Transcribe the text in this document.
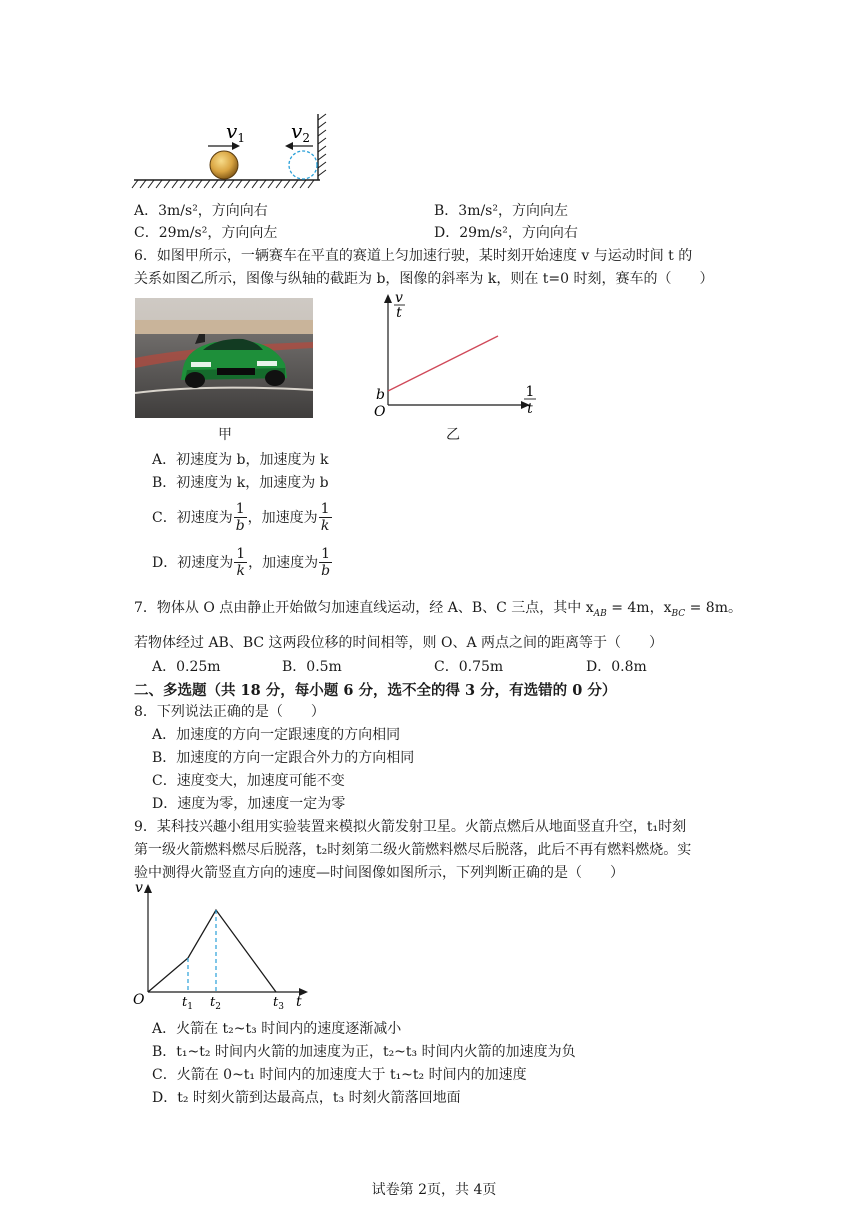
$v_1$ $v_2$
A．3m/s²，方向向右	B．3m/s²，方向向左
C．29m/s²，方向向左	D．29m/s²，方向向右
6．如图甲所示，一辆赛车在平直的赛道上匀加速行驶，某时刻开始速度 v 与运动时间 t 的
关系如图乙所示，图像与纵轴的截距为 b，图像的斜率为 k，则在 t=0 时刻，赛车的（　　）
甲
v
t
1
t
b
O
乙
A．初速度为 b，加速度为 k
B．初速度为 k，加速度为 b
C．初速度为 $\frac{1}{b}$ ，加速度为 $\frac{1}{k}$
D．初速度为 $\frac{1}{k}$ ，加速度为 $\frac{1}{b}$
7．物体从 O 点由静止开始做匀加速直线运动，经 A、B、C 三点，其中 $x_{AB} = 4m$，$x_{BC} = 8m$。
若物体经过 AB、BC 这两段位移的时间相等，则 O、A 两点之间的距离等于（　　）
A．0.25m	B．0.5m	C．0.75m	D．0.8m
二、多选题（共 18 分，每小题 6 分，选不全的得 3 分，有选错的 0 分）
8．下列说法正确的是（　　）
A．加速度的方向一定跟速度的方向相同
B．加速度的方向一定跟合外力的方向相同
C．速度变大，加速度可能不变
D．速度为零，加速度一定为零
9．某科技兴趣小组用实验装置来模拟火箭发射卫星。火箭点燃后从地面竖直升空，t₁时刻
第一级火箭燃料燃尽后脱落，t₂时刻第二级火箭燃料燃尽后脱落，此后不再有燃料燃烧。实
验中测得火箭竖直方向的速度—时间图像如图所示，下列判断正确的是（　　）
v
t
O	$t_1$ $t_2$	$t_3$
A．火箭在 t₂~t₃ 时间内的速度逐渐减小
B．t₁~t₂ 时间内火箭的加速度为正，t₂~t₃ 时间内火箭的加速度为负
C．火箭在 0~t₁ 时间内的加速度大于 t₁~t₂ 时间内的加速度
D．t₂ 时刻火箭到达最高点，t₃ 时刻火箭落回地面
试卷第 2页，共 4页
